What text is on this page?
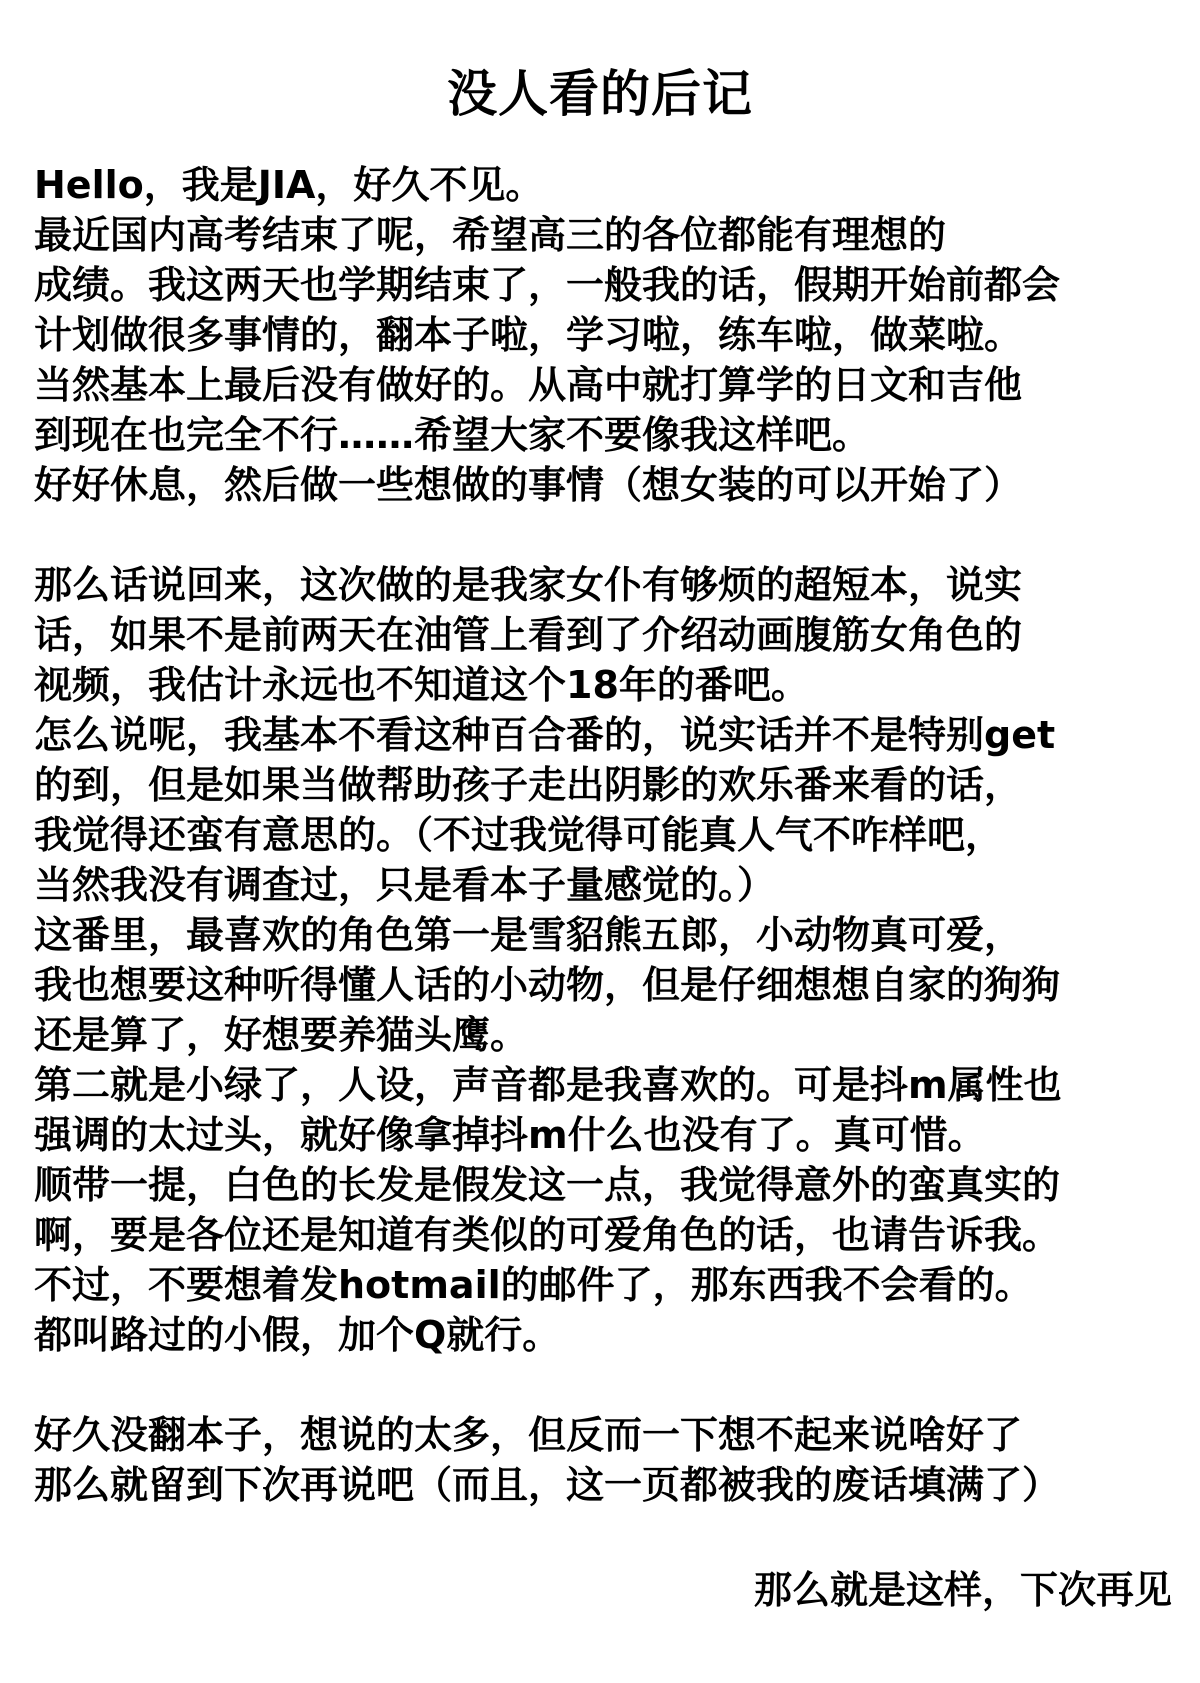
没人看的后记
Hello，我是JIA，好久不见。
最近国内高考结束了呢，希望高三的各位都能有理想的
成绩。我这两天也学期结束了，一般我的话，假期开始前都会
计划做很多事情的，翻本子啦，学习啦，练车啦，做菜啦。
当然基本上最后没有做好的。从高中就打算学的日文和吉他
到现在也完全不行……希望大家不要像我这样吧。
好好休息，然后做一些想做的事情（想女装的可以开始了）
那么话说回来，这次做的是我家女仆有够烦的超短本，说实
话，如果不是前两天在油管上看到了介绍动画腹筋女角色的
视频，我估计永远也不知道这个18年的番吧。
怎么说呢，我基本不看这种百合番的，说实话并不是特别get
的到，但是如果当做帮助孩子走出阴影的欢乐番来看的话，
我觉得还蛮有意思的。（不过我觉得可能真人气不咋样吧，
当然我没有调查过，只是看本子量感觉的。）
这番里，最喜欢的角色第一是雪貂熊五郎，小动物真可爱，
我也想要这种听得懂人话的小动物，但是仔细想想自家的狗狗
还是算了，好想要养猫头鹰。
第二就是小绿了，人设，声音都是我喜欢的。可是抖m属性也
强调的太过头，就好像拿掉抖m什么也没有了。真可惜。
顺带一提，白色的长发是假发这一点，我觉得意外的蛮真实的
啊，要是各位还是知道有类似的可爱角色的话，也请告诉我。
不过，不要想着发hotmail的邮件了，那东西我不会看的。
都叫路过的小假，加个Q就行。
好久没翻本子，想说的太多，但反而一下想不起来说啥好了
那么就留到下次再说吧（而且，这一页都被我的废话填满了）
那么就是这样，下次再见
